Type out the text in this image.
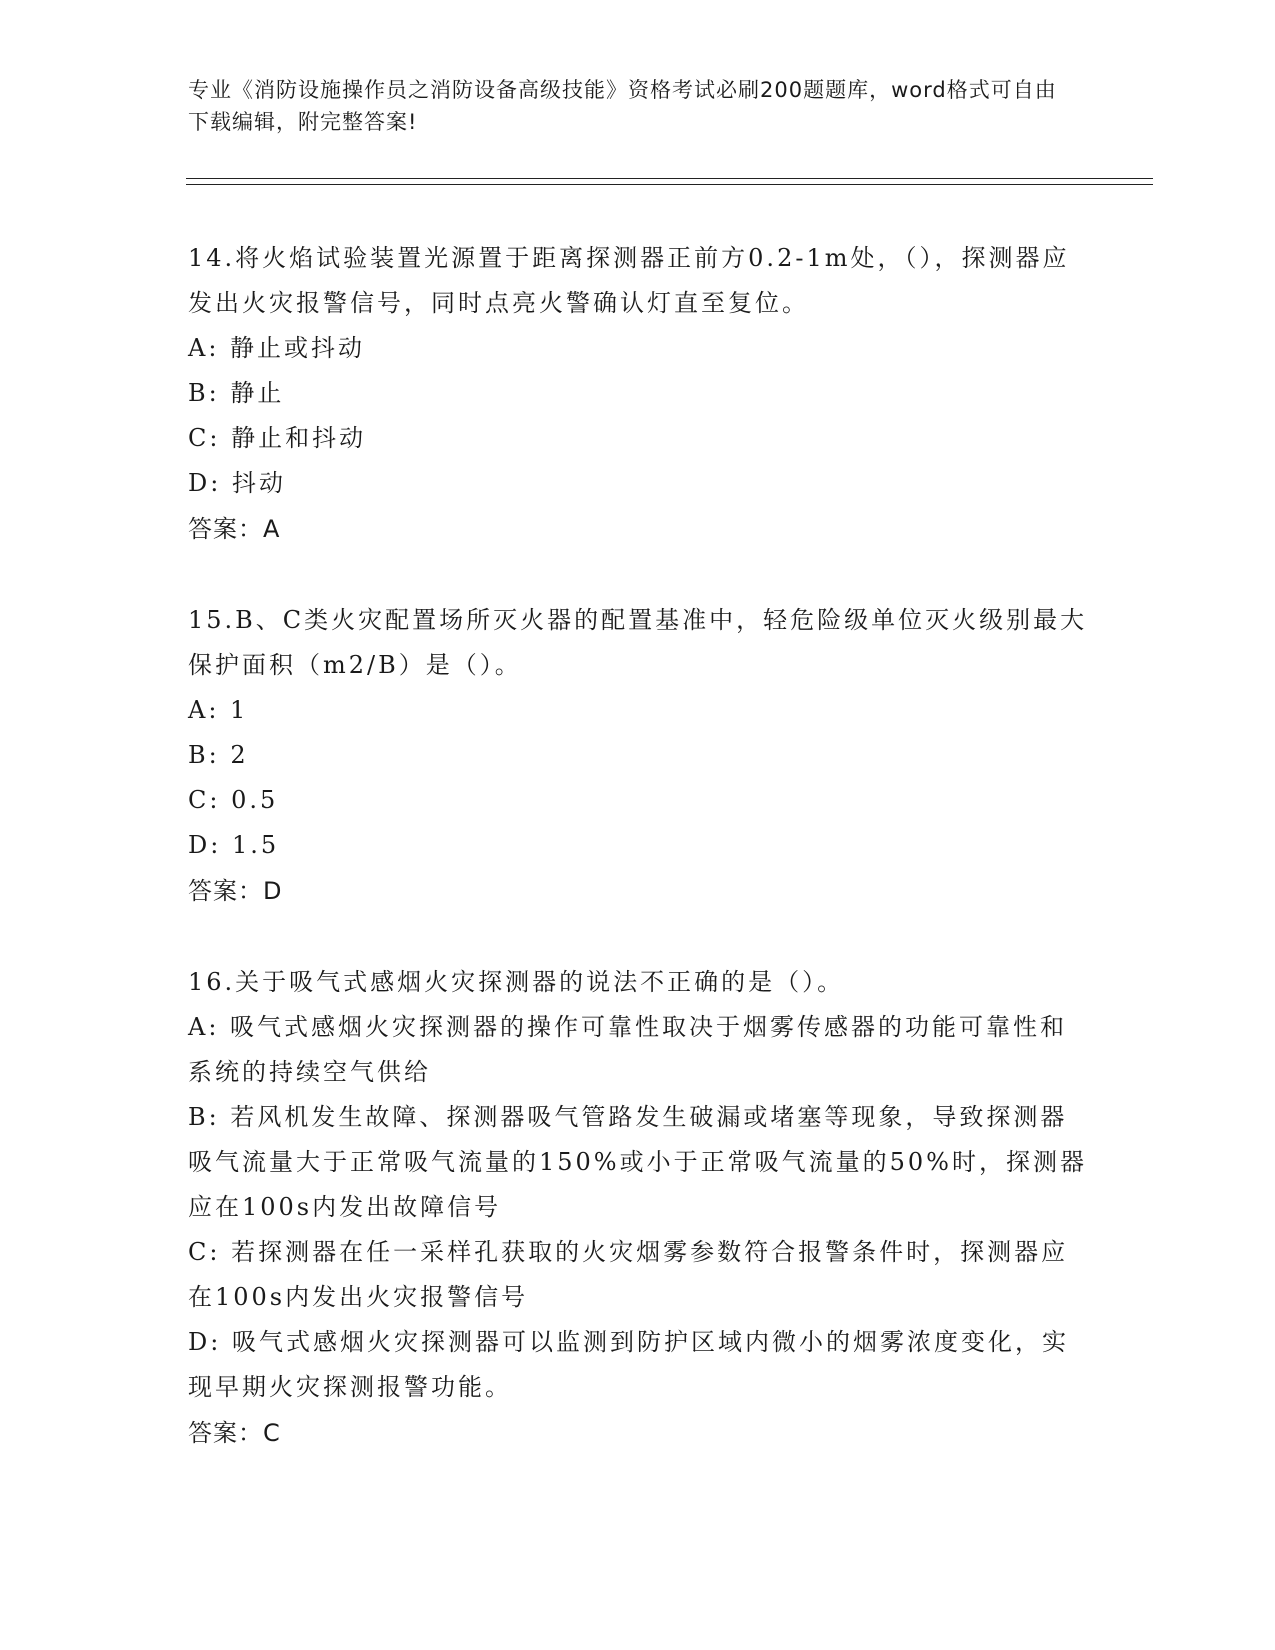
专业《消防设施操作员之消防设备高级技能》资格考试必刷200题题库，word格式可自由下载编辑，附完整答案!

14.将火焰试验装置光源置于距离探测器正前方0.2-1m处，（），探测器应发出火灾报警信号，同时点亮火警确认灯直至复位。

A: 静止或抖动

B: 静止

C: 静止和抖动

D: 抖动

答案：A

15.B、C类火灾配置场所灭火器的配置基准中，轻危险级单位灭火级别最大保护面积（m2/B）是（）。

A: 1

B: 2

C: 0.5

D: 1.5

答案：D

16.关于吸气式感烟火灾探测器的说法不正确的是（）。

A: 吸气式感烟火灾探测器的操作可靠性取决于烟雾传感器的功能可靠性和系统的持续空气供给

B: 若风机发生故障、探测器吸气管路发生破漏或堵塞等现象，导致探测器吸气流量大于正常吸气流量的150%或小于正常吸气流量的50%时，探测器应在100s内发出故障信号

C: 若探测器在任一采样孔获取的火灾烟雾参数符合报警条件时，探测器应在100s内发出火灾报警信号

D: 吸气式感烟火灾探测器可以监测到防护区域内微小的烟雾浓度变化，实现早期火灾探测报警功能。

答案：C
